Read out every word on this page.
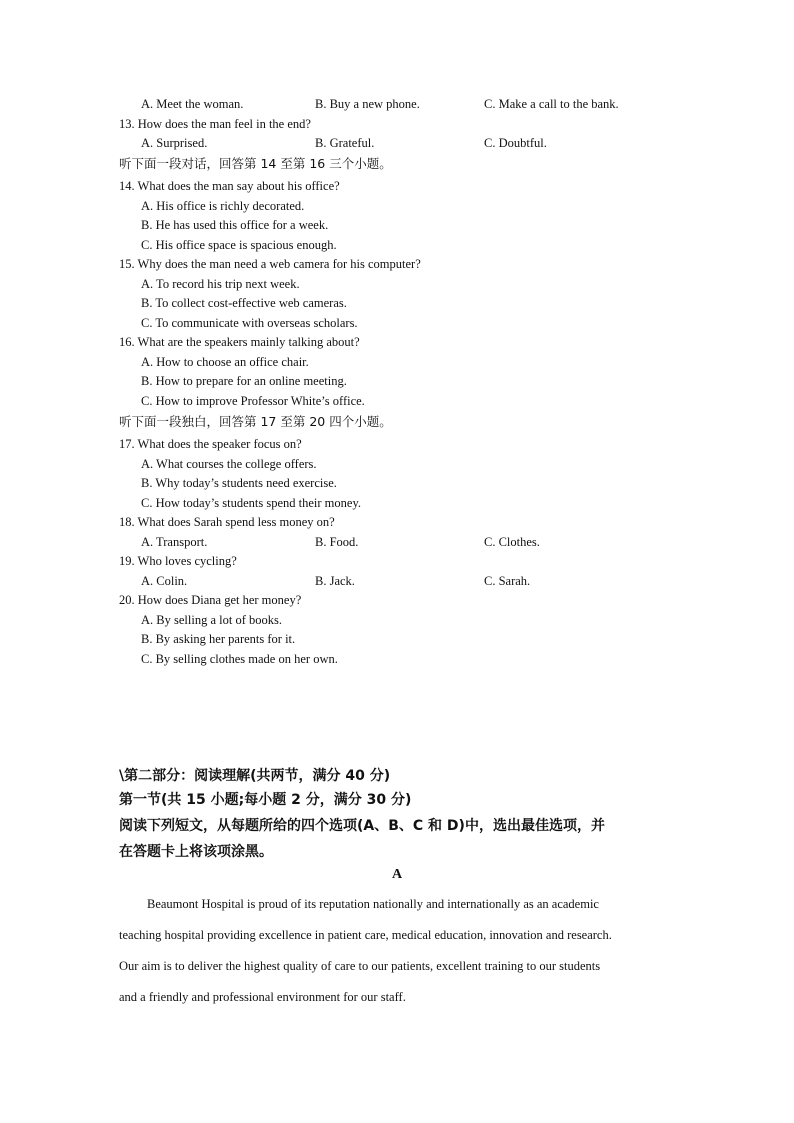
A. Meet the woman.	B. Buy a new phone.	C. Make a call to the bank.
13. How does the man feel in the end?
A. Surprised.	B. Grateful.	C. Doubtful.
听下面一段对话，回答第 14 至第 16 三个小题。
14. What does the man say about his office?
A. His office is richly decorated.
B. He has used this office for a week.
C. His office space is spacious enough.
15. Why does the man need a web camera for his computer?
A. To record his trip next week.
B. To collect cost-effective web cameras.
C. To communicate with overseas scholars.
16. What are the speakers mainly talking about?
A. How to choose an office chair.
B. How to prepare for an online meeting.
C. How to improve Professor White’s office.
听下面一段独白，回答第 17 至第 20 四个小题。
17. What does the speaker focus on?
A. What courses the college offers.
B. Why today’s students need exercise.
C. How today’s students spend their money.
18. What does Sarah spend less money on?
A. Transport.	B. Food.	C. Clothes.
19. Who loves cycling?
A. Colin.	B. Jack.	C. Sarah.
20. How does Diana get her money?
A. By selling a lot of books.
B. By asking her parents for it.
C. By selling clothes made on her own.
\第二部分：阅读理解(共两节，满分 40 分)
第一节(共 15 小题;每小题 2 分，满分 30 分)
阅读下列短文，从每题所给的四个选项(A、B、C 和 D)中，选出最佳选项，并
在答题卡上将该项涂黑。
A
Beaumont Hospital is proud of its reputation nationally and internationally as an academic
teaching hospital providing excellence in patient care, medical education, innovation and research.
Our aim is to deliver the highest quality of care to our patients, excellent training to our students
and a friendly and professional environment for our staff.
